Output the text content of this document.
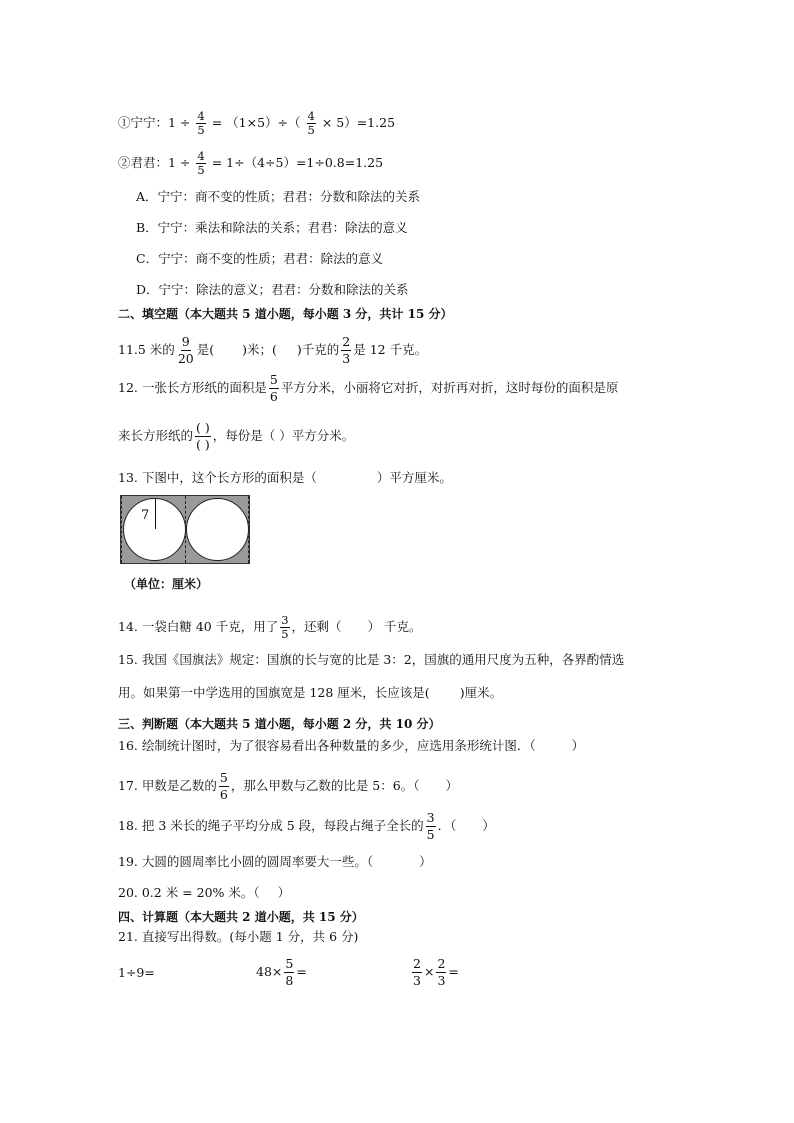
①宁宁：$1 \div \frac{4}{5} = (1\times 5)\div( \frac{4}{5} \times 5)=1.25$
②君君：$1 \div \frac{4}{5} = 1\div(4\div 5)=1\div 0.8=1.25$
A．宁宁：商不变的性质；君君：分数和除法的关系
B．宁宁：乘法和除法的关系；君君：除法的意义
C．宁宁：商不变的性质；君君：除法的意义
D．宁宁：除法的意义；君君：分数和除法的关系
二、填空题（本大题共 5 道小题，每小题 3 分，共计 15 分）
11.5 米的 $\frac{9}{20}$ 是( )米；( )千克的 $\frac{2}{3}$ 是 12 千克。
12. 一张长方形纸的面积是 $\frac{5}{6}$ 平方分米，小丽将它对折，对折再对折，这时每份的面积是原
来长方形纸的 $\frac{( )}{( )}$ ，每份是（ ）平方分米。
13. 下图中，这个长方形的面积是（	）平方厘米。
7
（单位：厘米）
14. 一袋白糖 40 千克，用了 $\frac{3}{5}$ ，还剩（ ） 千克。
15. 我国《国旗法》规定：国旗的长与宽的比是 3：2，国旗的通用尺度为五种，各界酌情选
用。如果第一中学选用的国旗宽是 128 厘米，长应该是( )厘米。
三、判断题（本大题共 5 道小题，每小题 2 分，共 10 分）
16. 绘制统计图时，为了很容易看出各种数量的多少，应选用条形统计图．（	）
17. 甲数是乙数的 $\frac{5}{6}$ ，那么甲数与乙数的比是 5：6。（ ）
18. 把 3 米长的绳子平均分成 5 段，每段占绳子全长的 $\frac{3}{5}$ ．（ ）
19. 大圆的圆周率比小圆的圆周率要大一些。（	）
20. 0.2 米 = 20% 米。（ ）
四、计算题（本大题共 2 道小题，共 15 分）
21. 直接写出得数。(每小题 1 分，共 6 分)
1÷9=	$48\times \frac{5}{8}$ =	$\frac{2}{3} \times \frac{2}{3}$ =
